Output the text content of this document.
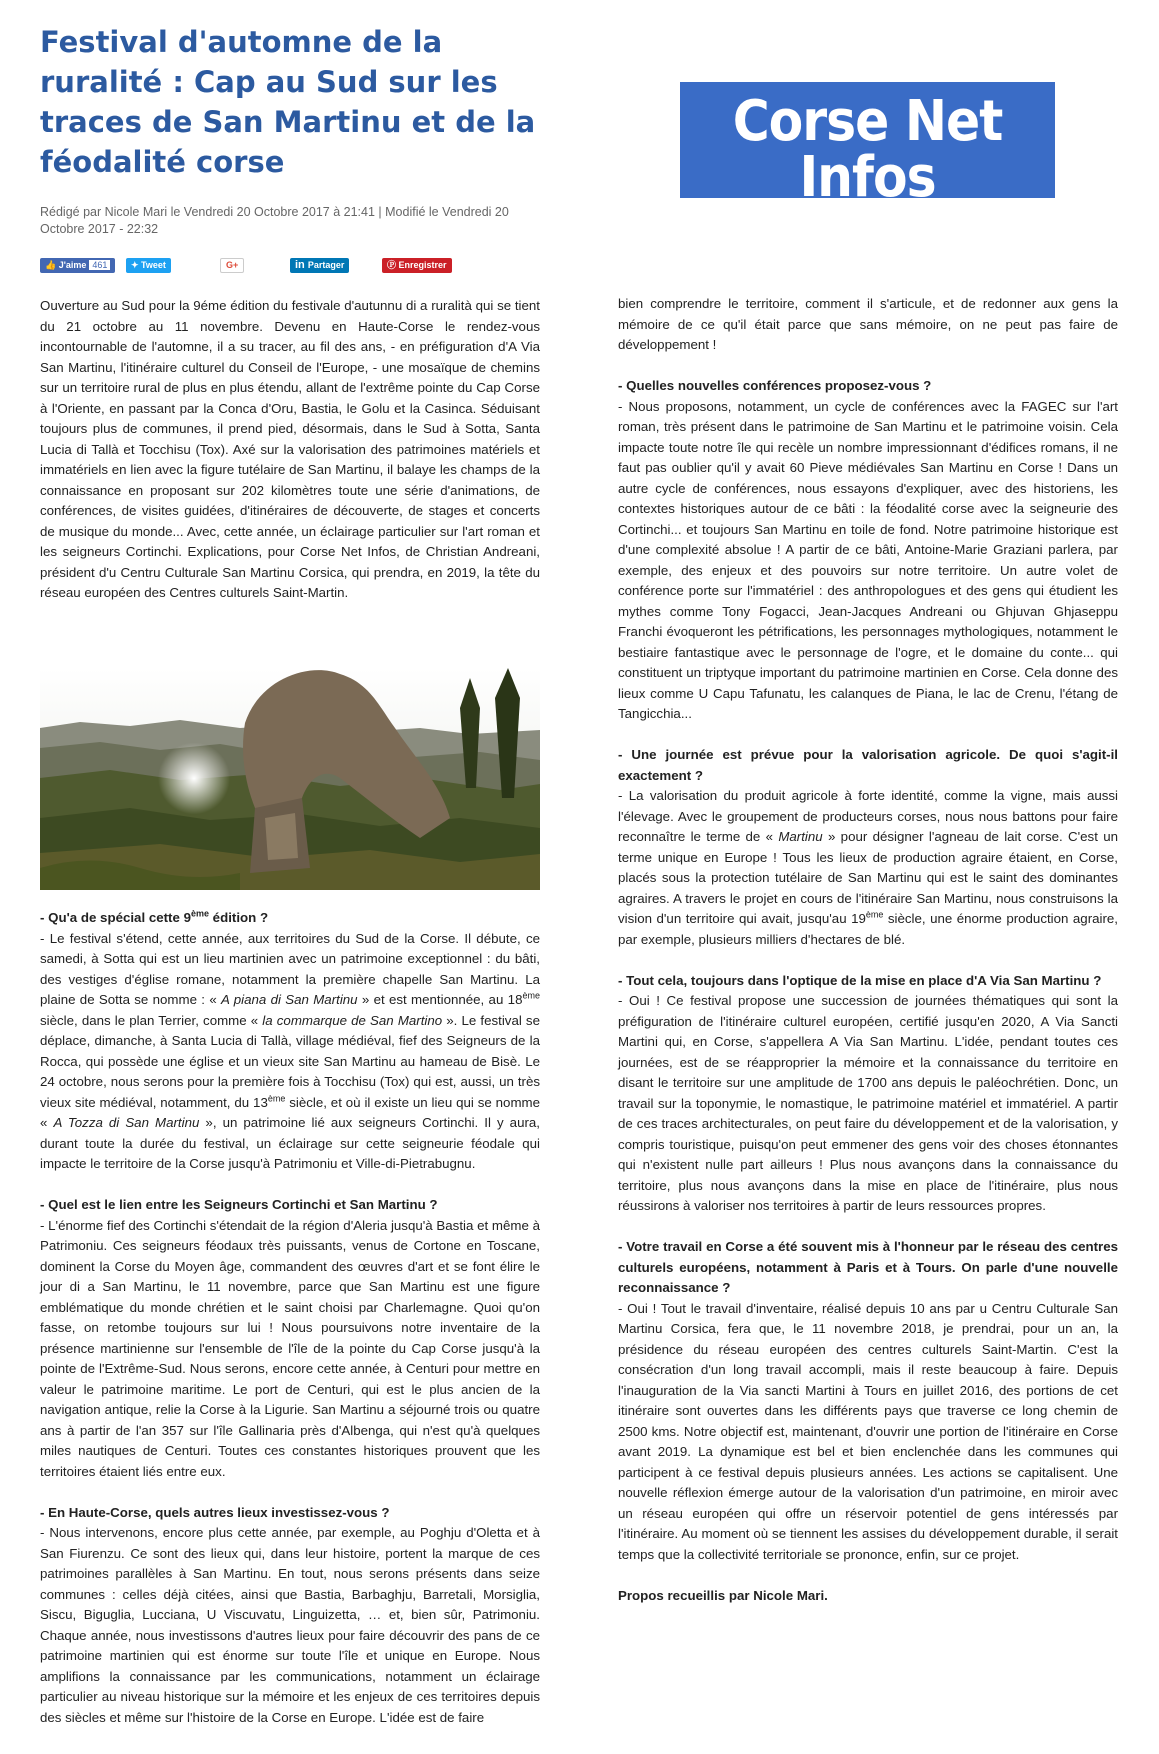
Festival d'automne de la ruralité : Cap au Sud sur les traces de San Martinu et de la féodalité corse
Corse Net Infos
Per voi, incù voi in ogni locu - l'info corse en libre accès
Rédigé par Nicole Mari le Vendredi 20 Octobre 2017 à 21:41 | Modifié le Vendredi 20 Octobre 2017 - 22:32
👍 J'aime 461	✦ Tweet	G+	in Partager	Ⓟ Enregistrer

Ouverture au Sud pour la 9éme édition du festivale d'autunnu di a ruralità qui se tient du 21 octobre au 11 novembre. Devenu en Haute-Corse le rendez-vous incontournable de l'automne, il a su tracer, au fil des ans, - en préfiguration d'A Via San Martinu, l'itinéraire culturel du Conseil de l'Europe, - une mosaïque de chemins sur un territoire rural de plus en plus étendu, allant de l'extrême pointe du Cap Corse à l'Oriente, en passant par la Conca d'Oru, Bastia, le Golu et la Casinca. Séduisant toujours plus de communes, il prend pied, désormais, dans le Sud à Sotta, Santa Lucia di Tallà et Tocchisu (Tox). Axé sur la valorisation des patrimoines matériels et immatériels en lien avec la figure tutélaire de San Martinu, il balaye les champs de la connaissance en proposant sur 202 kilomètres toute une série d'animations, de conférences, de visites guidées, d'itinéraires de découverte, de stages et concerts de musique du monde... Avec, cette année, un éclairage particulier sur l'art roman et les seigneurs Cortinchi. Explications, pour Corse Net Infos, de Christian Andreani, président d'u Centru Culturale San Martinu Corsica, qui prendra, en 2019, la tête du réseau européen des Centres culturels Saint-Martin.

- Qu'a de spécial cette 9ème édition ?

- Le festival s'étend, cette année, aux territoires du Sud de la Corse. Il débute, ce samedi, à Sotta qui est un lieu martinien avec un patrimoine exceptionnel : du bâti, des vestiges d'église romane, notamment la première chapelle San Martinu. La plaine de Sotta se nomme : « A piana di San Martinu » et est mentionnée, au 18ème siècle, dans le plan Terrier, comme « la commarque de San Martino ». Le festival se déplace, dimanche, à Santa Lucia di Tallà, village médiéval, fief des Seigneurs de la Rocca, qui possède une église et un vieux site San Martinu au hameau de Bisè. Le 24 octobre, nous serons pour la première fois à Tocchisu (Tox) qui est, aussi, un très vieux site médiéval, notamment, du 13ème siècle, et où il existe un lieu qui se nomme « A Tozza di San Martinu », un patrimoine lié aux seigneurs Cortinchi. Il y aura, durant toute la durée du festival, un éclairage sur cette seigneurie féodale qui impacte le territoire de la Corse jusqu'à Patrimoniu et Ville-di-Pietrabugnu.

- Quel est le lien entre les Seigneurs Cortinchi et San Martinu ?

- L'énorme fief des Cortinchi s'étendait de la région d'Aleria jusqu'à Bastia et même à Patrimoniu. Ces seigneurs féodaux très puissants, venus de Cortone en Toscane, dominent la Corse du Moyen âge, commandent des œuvres d'art et se font élire le jour di a San Martinu, le 11 novembre, parce que San Martinu est une figure emblématique du monde chrétien et le saint choisi par Charlemagne. Quoi qu'on fasse, on retombe toujours sur lui ! Nous poursuivons notre inventaire de la présence martinienne sur l'ensemble de l'île de la pointe du Cap Corse jusqu'à la pointe de l'Extrême-Sud. Nous serons, encore cette année, à Centuri pour mettre en valeur le patrimoine maritime. Le port de Centuri, qui est le plus ancien de la navigation antique, relie la Corse à la Ligurie. San Martinu a séjourné trois ou quatre ans à partir de l'an 357 sur l'île Gallinaria près d'Albenga, qui n'est qu'à quelques miles nautiques de Centuri. Toutes ces constantes historiques prouvent que les territoires étaient liés entre eux.

- En Haute-Corse, quels autres lieux investissez-vous ?

- Nous intervenons, encore plus cette année, par exemple, au Poghju d'Oletta et à San Fiurenzu. Ce sont des lieux qui, dans leur histoire, portent la marque de ces patrimoines parallèles à San Martinu. En tout, nous serons présents dans seize communes : celles déjà citées, ainsi que Bastia, Barbaghju, Barretali, Morsiglia, Siscu, Biguglia, Lucciana, U Viscuvatu, Linguizetta, … et, bien sûr, Patrimoniu. Chaque année, nous investissons d'autres lieux pour faire découvrir des pans de ce patrimoine martinien qui est énorme sur toute l'île et unique en Europe. Nous amplifions la connaissance par les communications, notamment un éclairage particulier au niveau historique sur la mémoire et les enjeux de ces territoires depuis des siècles et même sur l'histoire de la Corse en Europe. L'idée est de faire

bien comprendre le territoire, comment il s'articule, et de redonner aux gens la mémoire de ce qu'il était parce que sans mémoire, on ne peut pas faire de développement !

- Quelles nouvelles conférences proposez-vous ?

- Nous proposons, notamment, un cycle de conférences avec la FAGEC sur l'art roman, très présent dans le patrimoine de San Martinu et le patrimoine voisin. Cela impacte toute notre île qui recèle un nombre impressionnant d'édifices romans, il ne faut pas oublier qu'il y avait 60 Pieve médiévales San Martinu en Corse ! Dans un autre cycle de conférences, nous essayons d'expliquer, avec des historiens, les contextes historiques autour de ce bâti : la féodalité corse avec la seigneurie des Cortinchi... et toujours San Martinu en toile de fond. Notre patrimoine historique est d'une complexité absolue ! A partir de ce bâti, Antoine-Marie Graziani parlera, par exemple, des enjeux et des pouvoirs sur notre territoire. Un autre volet de conférence porte sur l'immatériel : des anthropologues et des gens qui étudient les mythes comme Tony Fogacci, Jean-Jacques Andreani ou Ghjuvan Ghjaseppu Franchi évoqueront les pétrifications, les personnages mythologiques, notamment le bestiaire fantastique avec le personnage de l'ogre, et le domaine du conte... qui constituent un triptyque important du patrimoine martinien en Corse. Cela donne des lieux comme U Capu Tafunatu, les calanques de Piana, le lac de Crenu, l'étang de Tangicchia...

- Une journée est prévue pour la valorisation agricole. De quoi s'agit-il exactement ?

- La valorisation du produit agricole à forte identité, comme la vigne, mais aussi l'élevage. Avec le groupement de producteurs corses, nous nous battons pour faire reconnaître le terme de « Martinu » pour désigner l'agneau de lait corse. C'est un terme unique en Europe ! Tous les lieux de production agraire étaient, en Corse, placés sous la protection tutélaire de San Martinu qui est le saint des dominantes agraires. A travers le projet en cours de l'itinéraire San Martinu, nous construisons la vision d'un territoire qui avait, jusqu'au 19ème siècle, une énorme production agraire, par exemple, plusieurs milliers d'hectares de blé.

- Tout cela, toujours dans l'optique de la mise en place d'A Via San Martinu ?

- Oui ! Ce festival propose une succession de journées thématiques qui sont la préfiguration de l'itinéraire culturel européen, certifié jusqu'en 2020, A Via Sancti Martini qui, en Corse, s'appellera A Via San Martinu. L'idée, pendant toutes ces journées, est de se réapproprier la mémoire et la connaissance du territoire en disant le territoire sur une amplitude de 1700 ans depuis le paléochrétien. Donc, un travail sur la toponymie, le nomastique, le patrimoine matériel et immatériel. A partir de ces traces architecturales, on peut faire du développement et de la valorisation, y compris touristique, puisqu'on peut emmener des gens voir des choses étonnantes qui n'existent nulle part ailleurs ! Plus nous avançons dans la connaissance du territoire, plus nous avançons dans la mise en place de l'itinéraire, plus nous réussirons à valoriser nos territoires à partir de leurs ressources propres.

- Votre travail en Corse a été souvent mis à l'honneur par le réseau des centres culturels européens, notamment à Paris et à Tours. On parle d'une nouvelle reconnaissance ?

- Oui ! Tout le travail d'inventaire, réalisé depuis 10 ans par u Centru Culturale San Martinu Corsica, fera que, le 11 novembre 2018, je prendrai, pour un an, la présidence du réseau européen des centres culturels Saint-Martin. C'est la consécration d'un long travail accompli, mais il reste beaucoup à faire. Depuis l'inauguration de la Via sancti Martini à Tours en juillet 2016, des portions de cet itinéraire sont ouvertes dans les différents pays que traverse ce long chemin de 2500 kms. Notre objectif est, maintenant, d'ouvrir une portion de l'itinéraire en Corse avant 2019. La dynamique est bel et bien enclenchée dans les communes qui participent à ce festival depuis plusieurs années. Les actions se capitalisent. Une nouvelle réflexion émerge autour de la valorisation d'un patrimoine, en miroir avec un réseau européen qui offre un réservoir potentiel de gens intéressés par l'itinéraire. Au moment où se tiennent les assises du développement durable, il serait temps que la collectivité territoriale se prononce, enfin, sur ce projet.

Propos recueillis par Nicole Mari.
